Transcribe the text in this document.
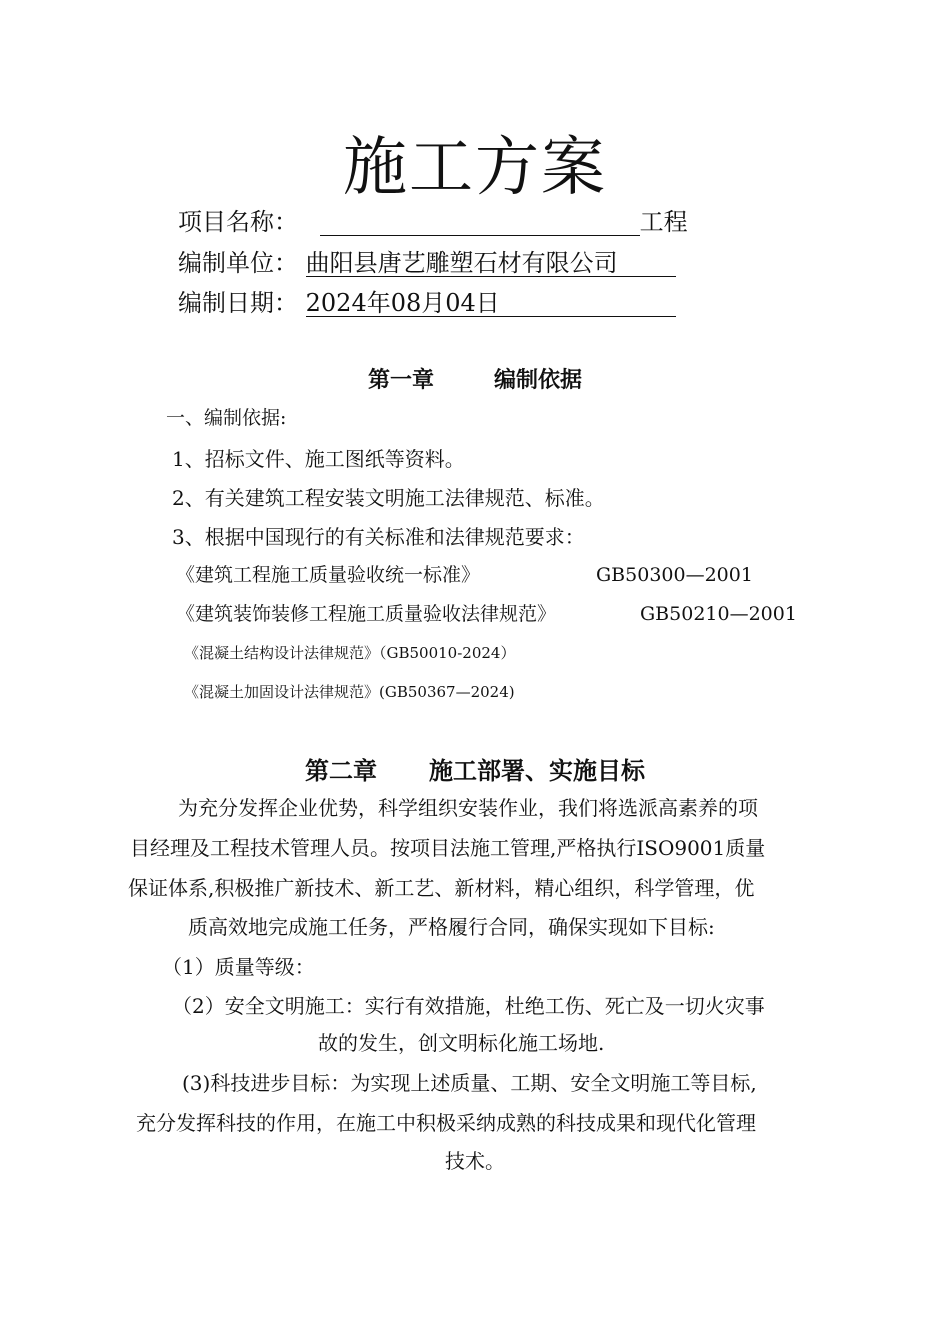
施工方案
项目名称：	工程
编制单位： 曲阳县唐艺雕塑石材有限公司
编制日期： 2024年08月04日
第一章	编制依据
一、编制依据:
1、招标文件、施工图纸等资料。
2、有关建筑工程安装文明施工法律规范、标准。
3、根据中国现行的有关标准和法律规范要求：
《建筑工程施工质量验收统一标准》	GB50300—2001
《建筑装饰装修工程施工质量验收法律规范》	GB50210—2001
《混凝土结构设计法律规范》（GB50010-2024）
《混凝土加固设计法律规范》(GB50367—2024)
第二章 施工部署、实施目标
为充分发挥企业优势，科学组织安装作业，我们将选派高素养的项
目经理及工程技术管理人员。按项目法施工管理,严格执行ISO9001质量
保证体系,积极推广新技术、新工艺、新材料，精心组织，科学管理，优
质高效地完成施工任务，严格履行合同，确保实现如下目标:
（1）质量等级：
（2）安全文明施工：实行有效措施，杜绝工伤、死亡及一切火灾事
故的发生，创文明标化施工场地.
(3)科技进步目标：为实现上述质量、工期、安全文明施工等目标,
充分发挥科技的作用，在施工中积极采纳成熟的科技成果和现代化管理
技术。
